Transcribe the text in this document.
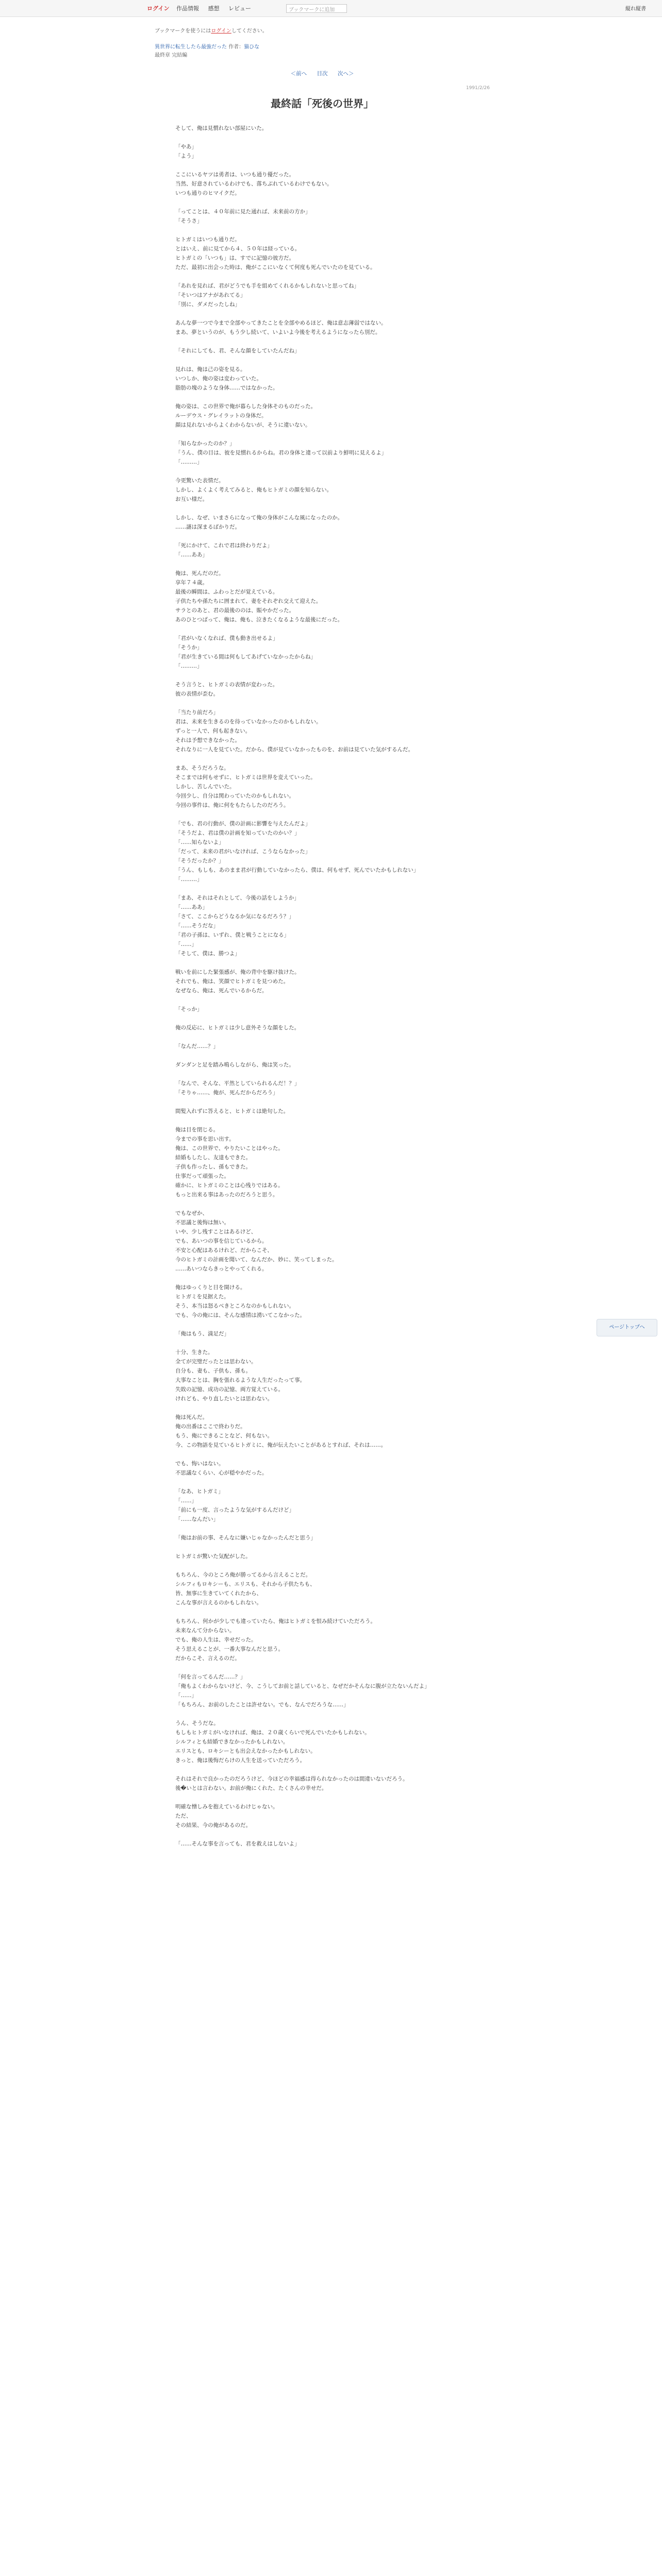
ログイン 作品情報 感想 レビュー	ブックマークに追加	縦れ縦書
ブックマークを使うにはログインしてください。
異世界に転生したら最強だった 作者：猫ひな
最終章 完結編
＜前へ 目次 次へ＞
1991/2/26
最終話「死後の世界」

そして、俺は見慣れない部屋にいた。

「やあ」
「よう」

ここにいるヤツは勇者は、いつも通り優だった。
当然、好意されているわけでも、落ちぶれているわけでもない。
いつも通りのヒマイクだ。

「ってことは、４０年前に見た通れば、未来前の方か」
「そうさ」

ヒトガミはいつも通りだ。
とはいえ、前に見てから４、５０年は経っている。
ヒトガミの「いつも」は、すでに記憶の彼方だ。
ただ、最初に出会った時は、俺がここにいなくて何度も死んでいたのを見ている。

「あれを見れば、君がどうでも手を組めてくれるかもしれないと思ってね」
「そいつはアナがあれてる」
「別に、ダメだったしね」

あんな夢一つで今まで全部やってきたことを全部やめるほど、俺は意志薄弱ではない。
まあ、夢というのが、もう少し続いて、いよいよ今後を考えるようになったら別だ。

「それにしても、君、そんな顔をしていたんだね」

見れは、俺は己の姿を見る。
いつしか、俺の姿は変わっていた。
脂肪の塊のような身体……ではなかった。

俺の姿は、この世界で俺が暮らした身体そのものだった。
ルーデウス・グレイラットの身体だ。
顔は見れないからよくわからないが、そうに違いない。

「知らなかったのか？」
「うん、僕の目は、彼を見慣れるからね。君の身体と違って以前より鮮明に見えるよ」
「………」

今更驚いた表情だ。
しかし、よくよく考えてみると、俺もヒトガミの顔を知らない。
お互い様だ。

しかし、なぜ、いまさらになって俺の身体がこんな風になったのか。
……謎は深まるばかりだ。

「死にかけて、これで君は終わりだよ」
「……ああ」

俺は、死んだのだ。
享年７４歳。
最後の瞬間は、ふわっとだが覚えている。
子供たちや孫たちに囲まれて、妻をそれぞれ交えて迎えた。
サラとのあと、君の最後ののは、賑やかだった。
あのひとつばって、俺は、俺も、泣きたくなるような最後にだった。

「君がいなくなれば、僕も動き出せるよ」
「そうか」
「君が生きている間は何もしてあげていなかったからね」
「………」

そう言うと、ヒトガミの表情が変わった。
彼の表情が歪む。

「当たり前だろ」
君は、未来を生きるのを待っていなかったのかもしれない。
ずっと一人で、何も起きない。
それは予想できなかった。
それなりに一人を見ていた。だから、僕が見ていなかったものを、お前は見ていた気がするんだ。

まあ、そうだろうな。
そこまでは何もせずに、ヒトガミは世界を変えていった。
しかし、苦しんでいた。
今回少し、自分は関わっていたのかもしれない。
今回の事件は、俺に何をもたらしたのだろう。

「でも、君の行動が、僕の計画に影響を与えたんだよ」
「そうだよ、君は僕の計画を知っていたのかい？」
「……知らないよ」
「だって、未来の君がいなければ、こうならなかった」
「そうだったか？」
「うん、もしも、あのまま君が行動していなかったら、僕は、何もせず、死んでいたかもしれない」
「………」

「まあ、それはそれとして、今後の話をしようか」
「……ああ」
「さて、ここからどうなるか気になるだろう？」
「……そうだな」
「君の子孫は、いずれ、僕と戦うことになる」
「……」
「そして、僕は、勝つよ」

戦いを前にした緊張感が、俺の背中を駆け抜けた。
それでも、俺は、笑顔でヒトガミを見つめた。
なぜなら、俺は、死んでいるからだ。

「そっか」

俺の反応に、ヒトガミは少し意外そうな顔をした。

「なんだ……？」

ダンダンと足を踏み鳴らしながら、俺は笑った。

「なんで、そんな、平然としていられるんだ！？」
「そりゃ……、俺が、死んだからだろう」

間髪入れずに答えると、ヒトガミは絶句した。

俺は目を閉じる。
今までの事を思い出す。
俺は、この世界で、やりたいことはやった。
結婚もしたし、友達もできた。
子供も作ったし、孫もできた。
仕事だって頑張った。
確かに、ヒトガミのことは心残りではある。
もっと出来る事はあったのだろうと思う。

でもなぜか、
不思議と後悔は無い。
いや、少し残すことはあるけど、
でも、あいつの事を信じているから。
不安と心配はあるけれど、だからこそ、
今のヒトガミの計画を聞いて、なんだか、妙に、笑ってしまった。
……あいつならきっとやってくれる。

俺はゆっくりと目を開ける。
ヒトガミを見据えた。
そう、本当は怒るべきところなのかもしれない。
でも、今の俺には、そんな感情は湧いてこなかった。

「俺はもう、満足だ」

十分、生きた。
全てが完璧だったとは思わない。
自分も、妻も、子供も、孫も。
大事なことは、胸を張れるような人生だったって事。
失敗の記憶、成功の記憶、両方覚えている。
けれども、やり直したいとは思わない。

俺は死んだ。
俺の出番はここで終わりだ。
もう、俺にできることなど、何もない。
今、この物語を見ているヒトガミに、俺が伝えたいことがあるとすれば、それは……。

でも、悔いはない。
不思議なくらい、心が穏やかだった。

「なあ、ヒトガミ」
「……」
「前にも一度、言ったような気がするんだけど」
「……なんだい」

「俺はお前の事、そんなに嫌いじゃなかったんだと思う」

ヒトガミが驚いた気配がした。

もちろん、今のところ俺が勝ってるから言えることだ。
シルフィもロキシーも、エリスも、それから子供たちも、
皆、無事に生きていてくれたから、
こんな事が言えるのかもしれない。

もちろん、何かが少しでも違っていたら、俺はヒトガミを恨み続けていただろう。
未来なんて分からない。
でも、俺の人生は、幸せだった。
そう思えることが、一番大事なんだと思う。
だからこそ、言えるのだ。

「何を言ってるんだ……？」
「俺もよくわからないけど、今、こうしてお前と話していると、なぜだかそんなに腹が立たないんだよ」
「……」
「もちろん、お前のしたことは許せない。でも、なんでだろうな……」

うん、そうだな。
もしもヒトガミがいなければ、俺は、２０歳くらいで死んでいたかもしれない。
シルフィとも結婚できなかったかもしれない。
エリスとも、ロキシーとも出会えなかったかもしれない。
きっと、俺は後悔だらけの人生を送っていただろう。

それはそれで良かったのだろうけど、今ほどの幸福感は得られなかったのは間違いないだろう。
後�いとは言わない。お前が俺にくれた、たくさんの幸せだ。

明確な憎しみを抱えているわけじゃない。
ただ、
その結果、今の俺があるのだ。

「……そんな事を言っても、君を救えはしないよ」

ページトップへ
